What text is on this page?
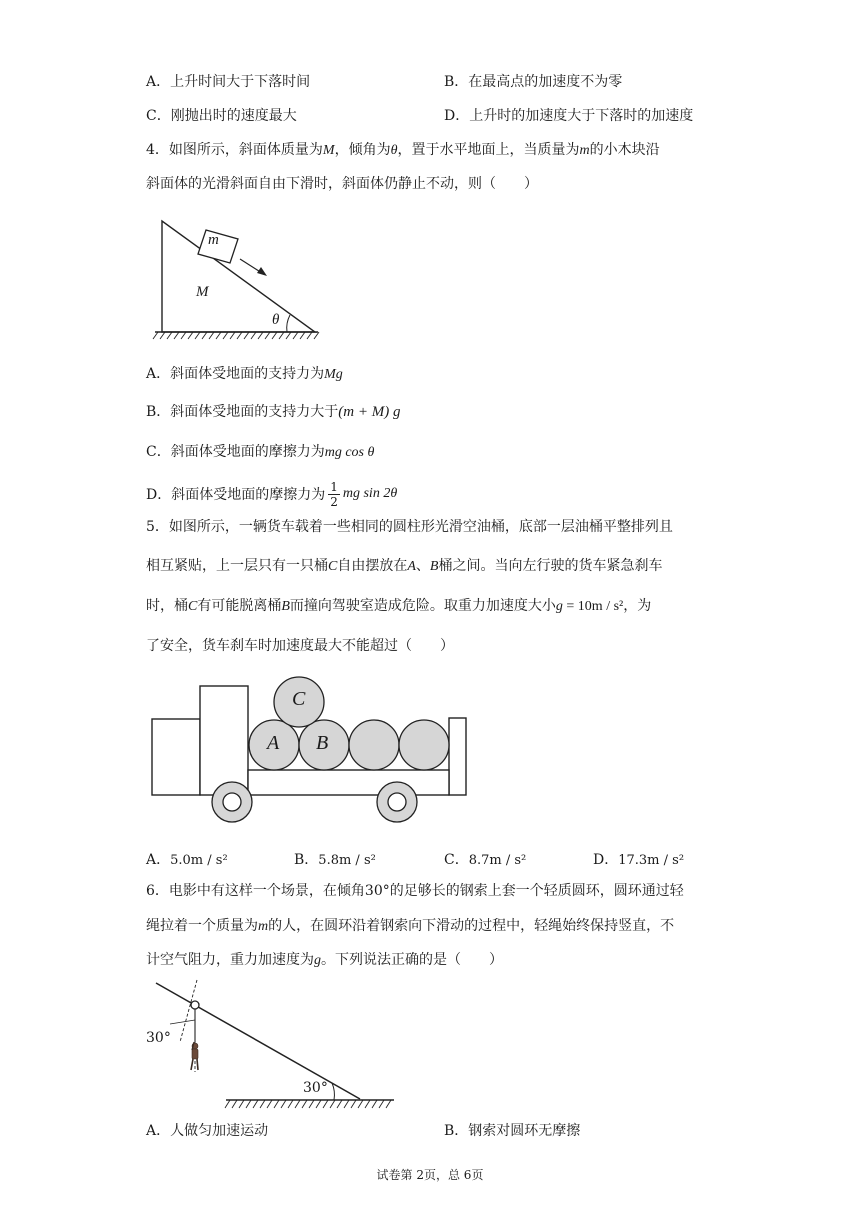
A．上升时间大于下落时间	B．在最高点的加速度不为零
C．刚抛出时的速度最大	D．上升时的加速度大于下落时的加速度
4．如图所示，斜面体质量为M，倾角为θ，置于水平地面上，当质量为m的小木块沿
斜面体的光滑斜面自由下滑时，斜面体仍静止不动，则（　　）
m
M
θ
A．斜面体受地面的支持力为Mg
B．斜面体受地面的支持力大于(m + M) g
C．斜面体受地面的摩擦力为mg cos θ
D．斜面体受地面的摩擦力为 $\frac{1}{2}$ mg sin 2θ
5．如图所示，一辆货车载着一些相同的圆柱形光滑空油桶，底部一层油桶平整排列且
相互紧贴，上一层只有一只桶C自由摆放在A、B桶之间。当向左行驶的货车紧急刹车
时，桶C有可能脱离桶B而撞向驾驶室造成危险。取重力加速度大小g = 10m / s²，为
了安全，货车刹车时加速度最大不能超过（　　）
C
A B
A．5.0m / s²	B．5.8m / s²	C．8.7m / s²	D．17.3m / s²
6．电影中有这样一个场景，在倾角30°的足够长的钢索上套一个轻质圆环，圆环通过轻
绳拉着一个质量为m的人，在圆环沿着钢索向下滑动的过程中，轻绳始终保持竖直，不
计空气阻力，重力加速度为g。下列说法正确的是（　　）
30°
30°
A．人做匀加速运动	B．钢索对圆环无摩擦
试卷第 2页，总 6页
